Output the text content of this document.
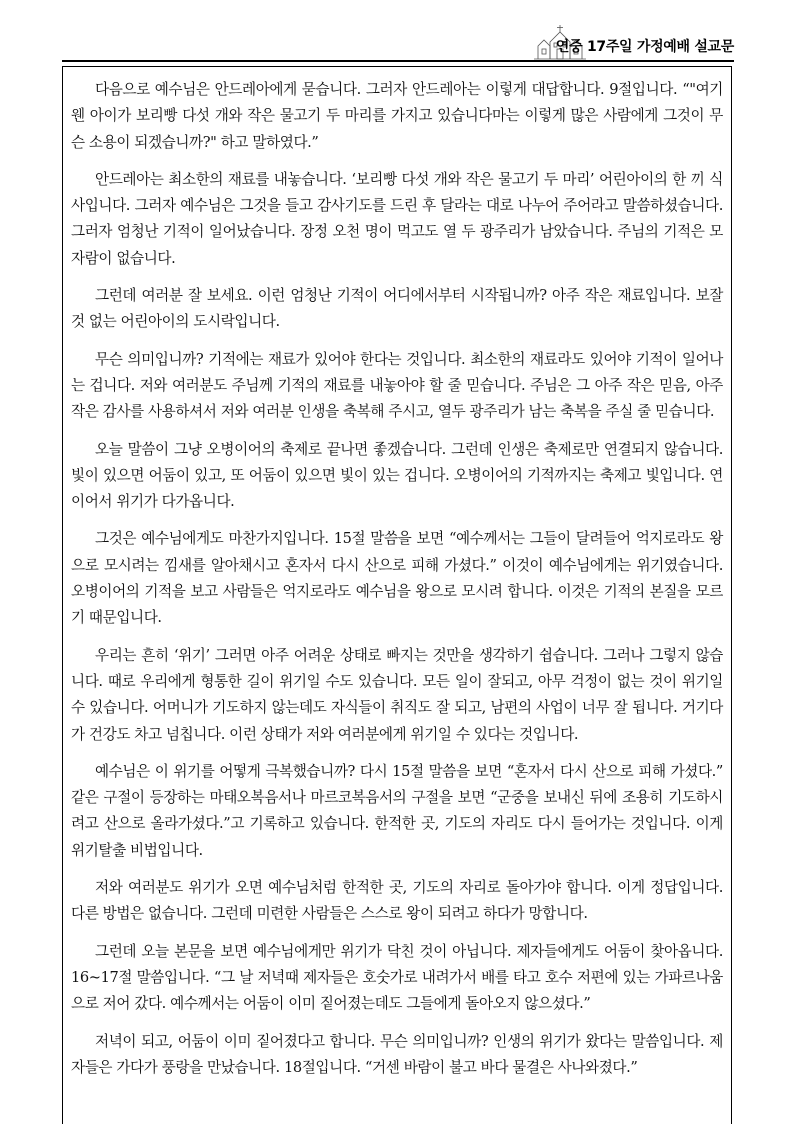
연중 17주일 가정예배 설교문

다음으로 예수님은 안드레아에게 묻습니다. 그러자 안드레아는 이렇게 대답합니다. 9절입니다. “"여기 웬 아이가 보리빵 다섯 개와 작은 물고기 두 마리를 가지고 있습니다마는 이렇게 많은 사람에게 그것이 무슨 소용이 되겠습니까?" 하고 말하였다.”

안드레아는 최소한의 재료를 내놓습니다. ‘보리빵 다섯 개와 작은 물고기 두 마리’ 어린아이의 한 끼 식사입니다. 그러자 예수님은 그것을 들고 감사기도를 드린 후 달라는 대로 나누어 주어라고 말씀하셨습니다. 그러자 엄청난 기적이 일어났습니다. 장정 오천 명이 먹고도 열 두 광주리가 남았습니다. 주님의 기적은 모자람이 없습니다.

그런데 여러분 잘 보세요. 이런 엄청난 기적이 어디에서부터 시작됩니까? 아주 작은 재료입니다. 보잘 것 없는 어린아이의 도시락입니다.

무슨 의미입니까? 기적에는 재료가 있어야 한다는 것입니다. 최소한의 재료라도 있어야 기적이 일어나는 겁니다. 저와 여러분도 주님께 기적의 재료를 내놓아야 할 줄 믿습니다. 주님은 그 아주 작은 믿음, 아주 작은 감사를 사용하셔서 저와 여러분 인생을 축복해 주시고, 열두 광주리가 남는 축복을 주실 줄 믿습니다.

오늘 말씀이 그냥 오병이어의 축제로 끝나면 좋겠습니다. 그런데 인생은 축제로만 연결되지 않습니다. 빛이 있으면 어둠이 있고, 또 어둠이 있으면 빛이 있는 겁니다. 오병이어의 기적까지는 축제고 빛입니다. 연이어서 위기가 다가옵니다.

그것은 예수님에게도 마찬가지입니다. 15절 말씀을 보면 “예수께서는 그들이 달려들어 억지로라도 왕으로 모시려는 낌새를 알아채시고 혼자서 다시 산으로 피해 가셨다.” 이것이 예수님에게는 위기였습니다. 오병이어의 기적을 보고 사람들은 억지로라도 예수님을 왕으로 모시려 합니다. 이것은 기적의 본질을 모르기 때문입니다.

우리는 흔히 ‘위기’ 그러면 아주 어려운 상태로 빠지는 것만을 생각하기 쉽습니다. 그러나 그렇지 않습니다. 때로 우리에게 형통한 길이 위기일 수도 있습니다. 모든 일이 잘되고, 아무 걱정이 없는 것이 위기일 수 있습니다. 어머니가 기도하지 않는데도 자식들이 취직도 잘 되고, 남편의 사업이 너무 잘 됩니다. 거기다가 건강도 차고 넘칩니다. 이런 상태가 저와 여러분에게 위기일 수 있다는 것입니다.

예수님은 이 위기를 어떻게 극복했습니까? 다시 15절 말씀을 보면 “혼자서 다시 산으로 피해 가셨다.” 같은 구절이 등장하는 마태오복음서나 마르코복음서의 구절을 보면 “군중을 보내신 뒤에 조용히 기도하시려고 산으로 올라가셨다.”고 기록하고 있습니다. 한적한 곳, 기도의 자리도 다시 들어가는 것입니다. 이게 위기탈출 비법입니다.

저와 여러분도 위기가 오면 예수님처럼 한적한 곳, 기도의 자리로 돌아가야 합니다. 이게 정답입니다. 다른 방법은 없습니다. 그런데 미련한 사람들은 스스로 왕이 되려고 하다가 망합니다.

그런데 오늘 본문을 보면 예수님에게만 위기가 닥친 것이 아닙니다. 제자들에게도 어둠이 찾아옵니다. 16~17절 말씀입니다. “그 날 저녁때 제자들은 호숫가로 내려가서 배를 타고 호수 저편에 있는 가파르나움으로 저어 갔다. 예수께서는 어둠이 이미 짙어졌는데도 그들에게 돌아오지 않으셨다.”

저녁이 되고, 어둠이 이미 짙어졌다고 합니다. 무슨 의미입니까? 인생의 위기가 왔다는 말씀입니다. 제자들은 가다가 풍랑을 만났습니다. 18절입니다. “거센 바람이 불고 바다 물결은 사나와졌다.”
